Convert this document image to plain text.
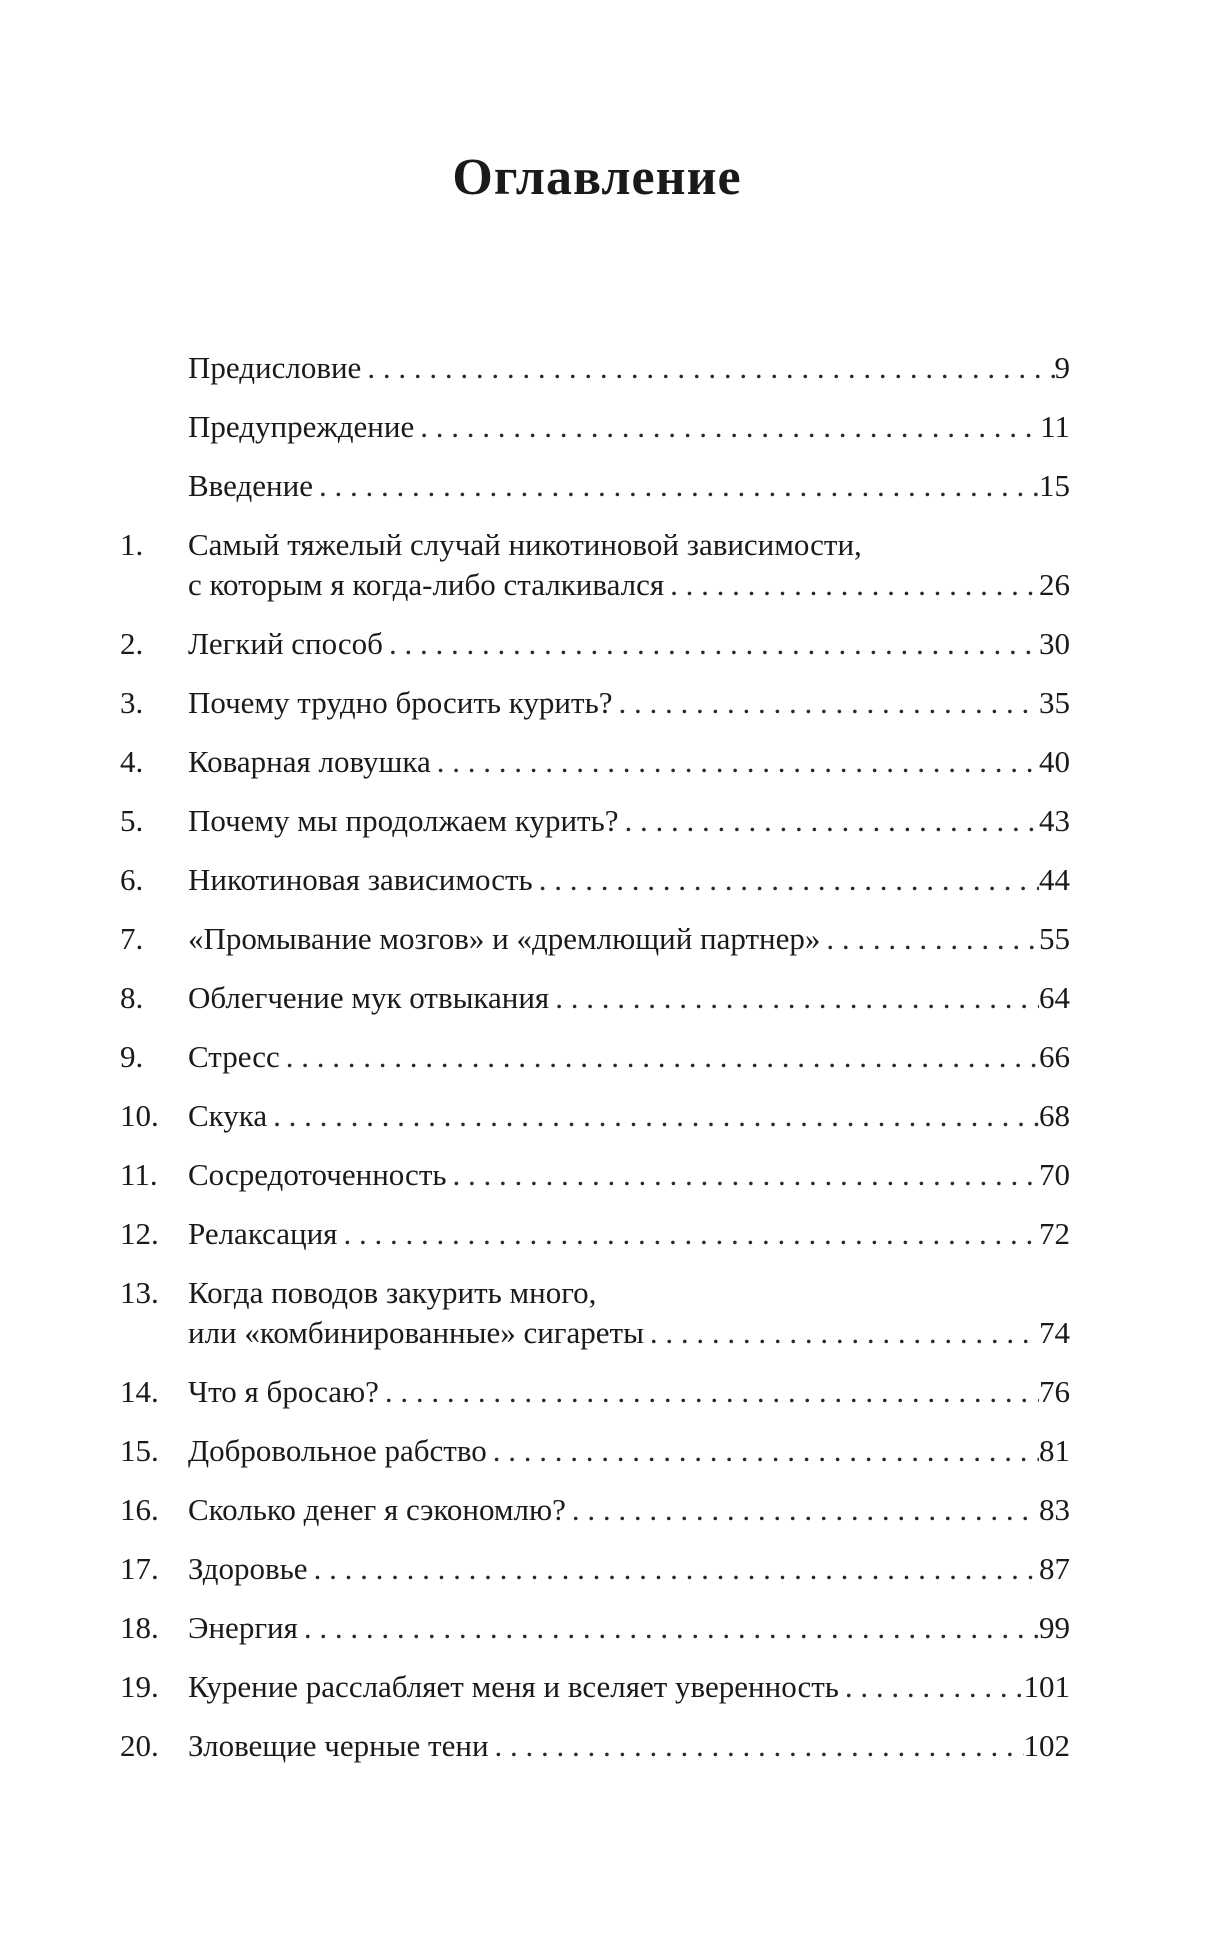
Оглавление
Предисловие . . .	9
Предупреждение . . .	11
Введение . . .	15
1.	Самый тяжелый случай никотиновой зависимости,
с которым я когда-либо сталкивался . . .	26
2.	Легкий способ . . .	30
3.	Почему трудно бросить курить? . . .	35
4.	Коварная ловушка . . .	40
5.	Почему мы продолжаем курить? . . .	43
6.	Никотиновая зависимость . . .	44
7.	«Промывание мозгов» и «дремлющий партнер» . . .	55
8.	Облегчение мук отвыкания . . .	64
9.	Стресс . . .	66
10. Скука . . .	68
11. Сосредоточенность . . .	70
12. Релаксация . . .	72
13. Когда поводов закурить много,
или «комбинированные» сигареты . . .	74
14. Что я бросаю? . . .	76
15. Добровольное рабство . . .	81
16. Сколько денег я сэкономлю? . . .	83
17. Здоровье . . .	87
18. Энергия . . .	99
19. Курение расслабляет меня и вселяет уверенность . . .	101
20. Зловещие черные тени . . .	102
